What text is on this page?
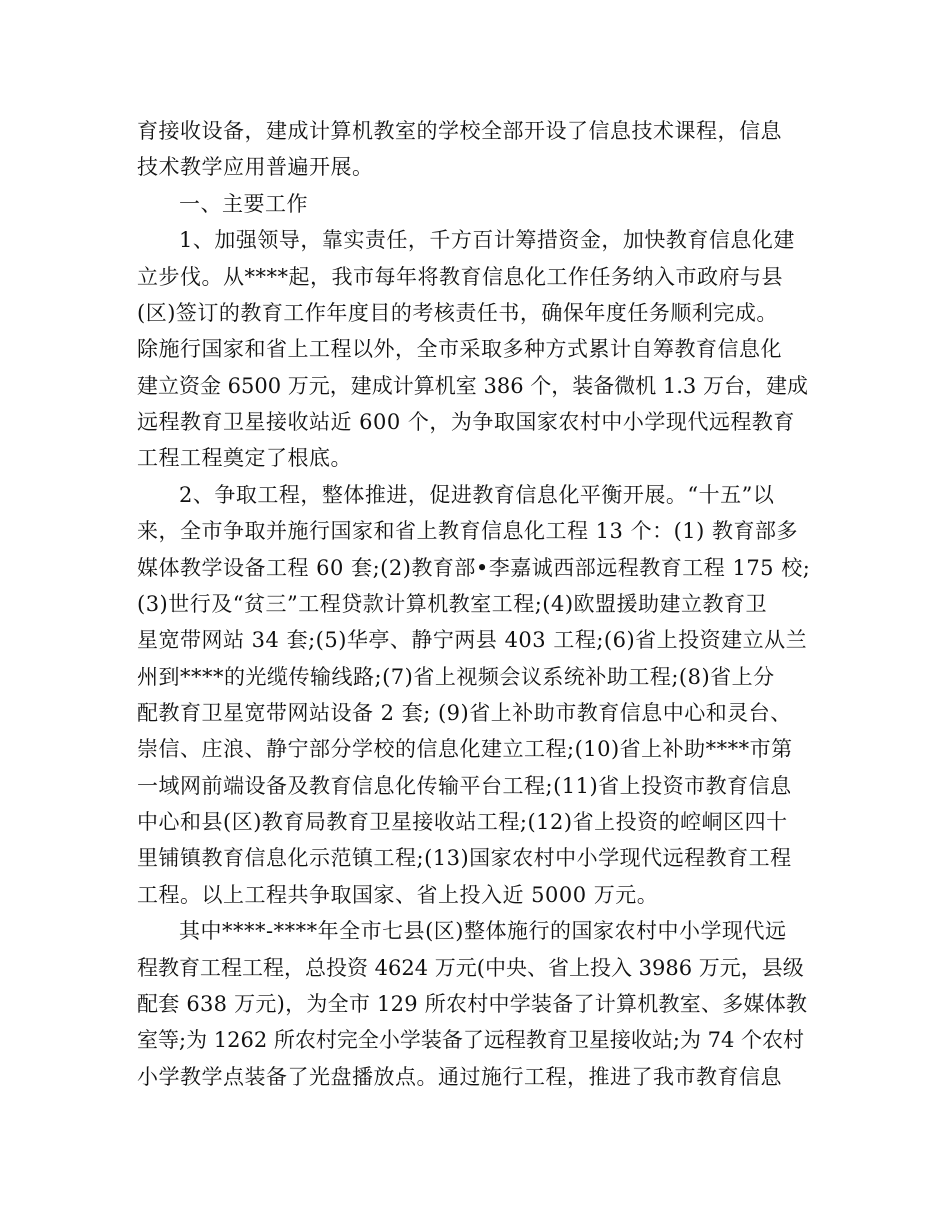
育接收设备，建成计算机教室的学校全部开设了信息技术课程，信息
技术教学应用普遍开展。
一、主要工作
1、加强领导，靠实责任，千方百计筹措资金，加快教育信息化建
立步伐。从****起，我市每年将教育信息化工作任务纳入市政府与县
(区)签订的教育工作年度目的考核责任书，确保年度任务顺利完成。
除施行国家和省上工程以外，全市采取多种方式累计自筹教育信息化
建立资金 6500 万元，建成计算机室 386 个，装备微机 1.3 万台，建成
远程教育卫星接收站近 600 个，为争取国家农村中小学现代远程教育
工程工程奠定了根底。
2、争取工程，整体推进，促进教育信息化平衡开展。“十五”以
来，全市争取并施行国家和省上教育信息化工程 13 个：(1) 教育部多
媒体教学设备工程 60 套;(2)教育部•李嘉诚西部远程教育工程 175 校;
(3)世行及“贫三”工程贷款计算机教室工程;(4)欧盟援助建立教育卫
星宽带网站 34 套;(5)华亭、静宁两县 403 工程;(6)省上投资建立从兰
州到****的光缆传输线路;(7)省上视频会议系统补助工程;(8)省上分
配教育卫星宽带网站设备 2 套; (9)省上补助市教育信息中心和灵台、
崇信、庄浪、静宁部分学校的信息化建立工程;(10)省上补助****市第
一域网前端设备及教育信息化传输平台工程;(11)省上投资市教育信息
中心和县(区)教育局教育卫星接收站工程;(12)省上投资的崆峒区四十
里铺镇教育信息化示范镇工程;(13)国家农村中小学现代远程教育工程
工程。以上工程共争取国家、省上投入近 5000 万元。
其中****-****年全市七县(区)整体施行的国家农村中小学现代远
程教育工程工程，总投资 4624 万元(中央、省上投入 3986 万元，县级
配套 638 万元)，为全市 129 所农村中学装备了计算机教室、多媒体教
室等;为 1262 所农村完全小学装备了远程教育卫星接收站;为 74 个农村
小学教学点装备了光盘播放点。通过施行工程，推进了我市教育信息
